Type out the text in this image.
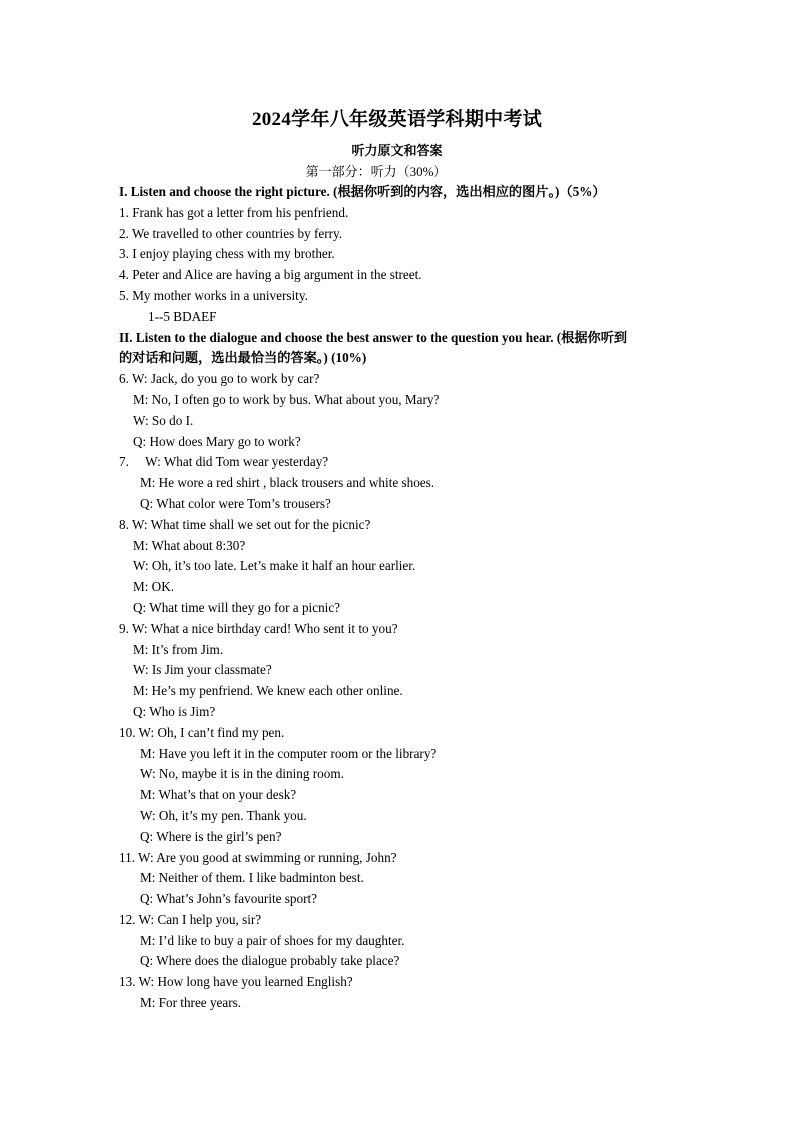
2024学年八年级英语学科期中考试
听力原文和答案
第一部分：听力（30%）
I. Listen and choose the right picture. (根据你听到的内容，选出相应的图片。)（5%）
1. Frank has got a letter from his penfriend.
2. We travelled to other countries by ferry.
3. I enjoy playing chess with my brother.
4. Peter and Alice are having a big argument in the street.
5. My mother works in a university.
1--5 BDAEF
II. Listen to the dialogue and choose the best answer to the question you hear. (根据你听到
的对话和问题，选出最恰当的答案。) (10%)
6. W: Jack, do you go to work by car?
M: No, I often go to work by bus. What about you, Mary?
W: So do I.
Q: How does Mary go to work?
7.     W: What did Tom wear yesterday?
M: He wore a red shirt , black trousers and white shoes.
Q: What color were Tom’s trousers?
8. W: What time shall we set out for the picnic?
M: What about 8:30?
W: Oh, it’s too late. Let’s make it half an hour earlier.
M: OK.
Q: What time will they go for a picnic?
9. W: What a nice birthday card! Who sent it to you?
M: It’s from Jim.
W: Is Jim your classmate?
M: He’s my penfriend. We knew each other online.
Q: Who is Jim?
10. W: Oh, I can’t find my pen.
M: Have you left it in the computer room or the library?
W: No, maybe it is in the dining room.
M: What’s that on your desk?
W: Oh, it’s my pen. Thank you.
Q: Where is the girl’s pen?
11. W: Are you good at swimming or running, John?
M: Neither of them. I like badminton best.
Q: What’s John’s favourite sport?
12. W: Can I help you, sir?
M: I’d like to buy a pair of shoes for my daughter.
Q: Where does the dialogue probably take place?
13. W: How long have you learned English?
M: For three years.
